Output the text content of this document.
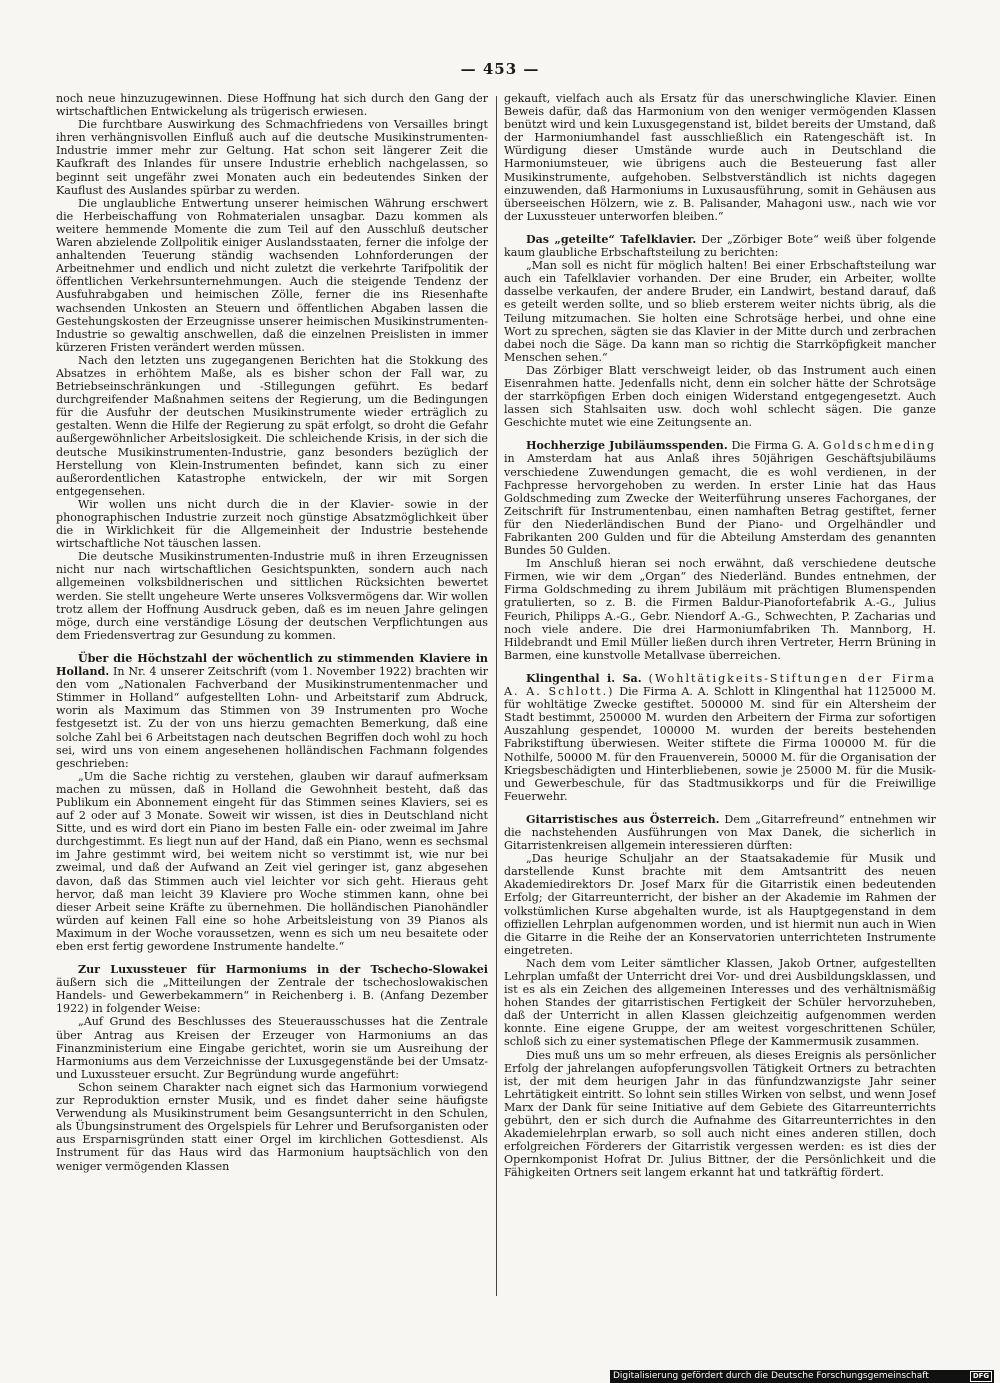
— 453 —

noch neue hinzuzugewinnen. Diese Hoffnung hat sich durch den Gang der wirtschaftlichen Entwickelung als trügerisch erwiesen.

Die furchtbare Auswirkung des Schmachfriedens von Versailles bringt ihren verhängnisvollen Einfluß auch auf die deutsche Musikinstrumenten-Industrie immer mehr zur Geltung. Hat schon seit längerer Zeit die Kaufkraft des Inlandes für unsere Industrie erheblich nachgelassen, so beginnt seit ungefähr zwei Monaten auch ein bedeutendes Sinken der Kauflust des Auslandes spürbar zu werden.

Die unglaubliche Entwertung unserer heimischen Währung erschwert die Herbeischaffung von Rohmaterialen unsagbar. Dazu kommen als weitere hemmende Momente die zum Teil auf den Ausschluß deutscher Waren abzielende Zollpolitik einiger Auslandsstaaten, ferner die infolge der anhaltenden Teuerung ständig wachsenden Lohnforderungen der Arbeitnehmer und endlich und nicht zuletzt die verkehrte Tarifpolitik der öffentlichen Verkehrsunternehmungen. Auch die steigende Tendenz der Ausfuhrabgaben und heimischen Zölle, ferner die ins Riesenhafte wachsenden Unkosten an Steuern und öffentlichen Abgaben lassen die Gestehungskosten der Erzeugnisse unserer heimischen Musikinstrumenten-Industrie so gewaltig anschwellen, daß die einzelnen Preislisten in immer kürzeren Fristen verändert werden müssen.

Nach den letzten uns zugegangenen Berichten hat die Stokkung des Absatzes in erhöhtem Maße, als es bisher schon der Fall war, zu Betriebseinschränkungen und -Stillegungen geführt. Es bedarf durchgreifender Maßnahmen seitens der Regierung, um die Bedingungen für die Ausfuhr der deutschen Musikinstrumente wieder erträglich zu gestalten. Wenn die Hilfe der Regierung zu spät erfolgt, so droht die Gefahr außergewöhnlicher Arbeitslosigkeit. Die schleichende Krisis, in der sich die deutsche Musikinstrumenten-Industrie, ganz besonders bezüglich der Herstellung von Klein-Instrumenten befindet, kann sich zu einer außerordentlichen Katastrophe entwickeln, der wir mit Sorgen entgegensehen.

Wir wollen uns nicht durch die in der Klavier- sowie in der phonographischen Industrie zurzeit noch günstige Absatzmöglichkeit über die in Wirklichkeit für die Allgemeinheit der Industrie bestehende wirtschaftliche Not täuschen lassen.

Die deutsche Musikinstrumenten-Industrie muß in ihren Erzeugnissen nicht nur nach wirtschaftlichen Gesichtspunkten, sondern auch nach allgemeinen volksbildnerischen und sittlichen Rücksichten bewertet werden. Sie stellt ungeheure Werte unseres Volksvermögens dar. Wir wollen trotz allem der Hoffnung Ausdruck geben, daß es im neuen Jahre gelingen möge, durch eine verständige Lösung der deutschen Verpflichtungen aus dem Friedensvertrag zur Gesundung zu kommen.

Über die Höchstzahl der wöchentlich zu stimmenden Klaviere in Holland. In Nr. 4 unserer Zeitschrift (vom 1. November 1922) brachten wir den vom „Nationalen Fachverband der Musikinstrumentenmacher und Stimmer in Holland“ aufgestellten Lohn- und Arbeitstarif zum Abdruck, worin als Maximum das Stimmen von 39 Instrumenten pro Woche festgesetzt ist. Zu der von uns hierzu gemachten Bemerkung, daß eine solche Zahl bei 6 Arbeitstagen nach deutschen Begriffen doch wohl zu hoch sei, wird uns von einem angesehenen holländischen Fachmann folgendes geschrieben:

„Um die Sache richtig zu verstehen, glauben wir darauf aufmerksam machen zu müssen, daß in Holland die Gewohnheit besteht, daß das Publikum ein Abonnement eingeht für das Stimmen seines Klaviers, sei es auf 2 oder auf 3 Monate. Soweit wir wissen, ist dies in Deutschland nicht Sitte, und es wird dort ein Piano im besten Falle ein- oder zweimal im Jahre durchgestimmt. Es liegt nun auf der Hand, daß ein Piano, wenn es sechsmal im Jahre gestimmt wird, bei weitem nicht so verstimmt ist, wie nur bei zweimal, und daß der Aufwand an Zeit viel geringer ist, ganz abgesehen davon, daß das Stimmen auch viel leichter vor sich geht. Hieraus geht hervor, daß man leicht 39 Klaviere pro Woche stimmen kann, ohne bei dieser Arbeit seine Kräfte zu übernehmen. Die holländischen Pianohändler würden auf keinen Fall eine so hohe Arbeitsleistung von 39 Pianos als Maximum in der Woche voraussetzen, wenn es sich um neu besaitete oder eben erst fertig gewordene Instrumente handelte.“

Zur Luxussteuer für Harmoniums in der Tschecho-Slowakei äußern sich die „Mitteilungen der Zentrale der tschechoslowakischen Handels- und Gewerbekammern“ in Reichenberg i. B. (Anfang Dezember 1922) in folgender Weise:

„Auf Grund des Beschlusses des Steuerausschusses hat die Zentrale über Antrag aus Kreisen der Erzeuger von Harmoniums an das Finanzministerium eine Eingabe gerichtet, worin sie um Ausreihung der Harmoniums aus dem Verzeichnisse der Luxusgegenstände bei der Umsatz- und Luxussteuer ersucht. Zur Begründung wurde angeführt:

Schon seinem Charakter nach eignet sich das Harmonium vorwiegend zur Reproduktion ernster Musik, und es findet daher seine häufigste Verwendung als Musikinstrument beim Gesangsunterricht in den Schulen, als Übungsinstrument des Orgelspiels für Lehrer und Berufsorganisten oder aus Ersparnisgründen statt einer Orgel im kirchlichen Gottesdienst. Als Instrument für das Haus wird das Harmonium hauptsächlich von den weniger vermögenden Klassen

gekauft, vielfach auch als Ersatz für das unerschwingliche Klavier. Einen Beweis dafür, daß das Harmonium von den weniger vermögenden Klassen benützt wird und kein Luxusgegenstand ist, bildet bereits der Umstand, daß der Harmoniumhandel fast ausschließlich ein Ratengeschäft ist. In Würdigung dieser Umstände wurde auch in Deutschland die Harmoniumsteuer, wie übrigens auch die Besteuerung fast aller Musikinstrumente, aufgehoben. Selbstverständlich ist nichts dagegen einzuwenden, daß Harmoniums in Luxusausführung, somit in Gehäusen aus überseeischen Hölzern, wie z. B. Palisander, Mahagoni usw., nach wie vor der Luxussteuer unterworfen bleiben.“

Das „geteilte“ Tafelklavier. Der „Zörbiger Bote“ weiß über folgende kaum glaubliche Erbschaftsteilung zu berichten:

„Man soll es nicht für möglich halten! Bei einer Erbschaftsteilung war auch ein Tafelklavier vorhanden. Der eine Bruder, ein Arbeiter, wollte dasselbe verkaufen, der andere Bruder, ein Landwirt, bestand darauf, daß es geteilt werden sollte, und so blieb ersterem weiter nichts übrig, als die Teilung mitzumachen. Sie holten eine Schrotsäge herbei, und ohne eine Wort zu sprechen, sägten sie das Klavier in der Mitte durch und zerbrachen dabei noch die Säge. Da kann man so richtig die Starrköpfigkeit mancher Menschen sehen.“

Das Zörbiger Blatt verschweigt leider, ob das Instrument auch einen Eisenrahmen hatte. Jedenfalls nicht, denn ein solcher hätte der Schrotsäge der starrköpfigen Erben doch einigen Widerstand entgegengesetzt. Auch lassen sich Stahlsaiten usw. doch wohl schlecht sägen. Die ganze Geschichte mutet wie eine Zeitungsente an.

Hochherzige Jubiläumsspenden. Die Firma G. A. Goldschmeding in Amsterdam hat aus Anlaß ihres 50jährigen Geschäftsjubiläums verschiedene Zuwendungen gemacht, die es wohl verdienen, in der Fachpresse hervorgehoben zu werden. In erster Linie hat das Haus Goldschmeding zum Zwecke der Weiterführung unseres Fachorganes, der Zeitschrift für Instrumentenbau, einen namhaften Betrag gestiftet, ferner für den Niederländischen Bund der Piano- und Orgelhändler und Fabrikanten 200 Gulden und für die Abteilung Amsterdam des genannten Bundes 50 Gulden.

Im Anschluß hieran sei noch erwähnt, daß verschiedene deutsche Firmen, wie wir dem „Organ“ des Niederländ. Bundes entnehmen, der Firma Goldschmeding zu ihrem Jubiläum mit prächtigen Blumenspenden gratulierten, so z. B. die Firmen Baldur-Pianofortefabrik A.-G., Julius Feurich, Philipps A.-G., Gebr. Niendorf A.-G., Schwechten, P. Zacharias und noch viele andere. Die drei Harmoniumfabriken Th. Mannborg, H. Hildebrandt und Emil Müller ließen durch ihren Vertreter, Herrn Brüning in Barmen, eine kunstvolle Metallvase überreichen.

Klingenthal i. Sa. (Wohltätigkeits-Stiftungen der Firma A. A. Schlott.) Die Firma A. A. Schlott in Klingenthal hat 1125000 M. für wohltätige Zwecke gestiftet. 500000 M. sind für ein Altersheim der Stadt bestimmt, 250000 M. wurden den Arbeitern der Firma zur sofortigen Auszahlung gespendet, 100000 M. wurden der bereits bestehenden Fabrikstiftung überwiesen. Weiter stiftete die Firma 100000 M. für die Nothilfe, 50000 M. für den Frauenverein, 50000 M. für die Organisation der Kriegsbeschädigten und Hinterbliebenen, sowie je 25000 M. für die Musik- und Gewerbeschule, für das Stadtmusikkorps und für die Freiwillige Feuerwehr.

Gitarristisches aus Österreich. Dem „Gitarrefreund“ entnehmen wir die nachstehenden Ausführungen von Max Danek, die sicherlich in Gitarristenkreisen allgemein interessieren dürften:

„Das heurige Schuljahr an der Staatsakademie für Musik und darstellende Kunst brachte mit dem Amtsantritt des neuen Akademiedirektors Dr. Josef Marx für die Gitarristik einen bedeutenden Erfolg; der Gitarreunterricht, der bisher an der Akademie im Rahmen der volkstümlichen Kurse abgehalten wurde, ist als Hauptgegenstand in dem offiziellen Lehrplan aufgenommen worden, und ist hiermit nun auch in Wien die Gitarre in die Reihe der an Konservatorien unterrichteten Instrumente eingetreten.

Nach dem vom Leiter sämtlicher Klassen, Jakob Ortner, aufgestellten Lehrplan umfaßt der Unterricht drei Vor- und drei Ausbildungsklassen, und ist es als ein Zeichen des allgemeinen Interesses und des verhältnismäßig hohen Standes der gitarristischen Fertigkeit der Schüler hervorzuheben, daß der Unterricht in allen Klassen gleichzeitig aufgenommen werden konnte. Eine eigene Gruppe, der am weitest vorgeschrittenen Schüler, schloß sich zu einer systematischen Pflege der Kammermusik zusammen.

Dies muß uns um so mehr erfreuen, als dieses Ereignis als persönlicher Erfolg der jahrelangen aufopferungsvollen Tätigkeit Ortners zu betrachten ist, der mit dem heurigen Jahr in das fünfundzwanzigste Jahr seiner Lehrtätigkeit eintritt. So lohnt sein stilles Wirken von selbst, und wenn Josef Marx der Dank für seine Initiative auf dem Gebiete des Gitarreunterrichts gebührt, den er sich durch die Aufnahme des Gitarreunterrichtes in den Akademielehrplan erwarb, so soll auch nicht eines anderen stillen, doch erfolgreichen Förderers der Gitarristik vergessen werden: es ist dies der Opernkomponist Hofrat Dr. Julius Bittner, der die Persönlichkeit und die Fähigkeiten Ortners seit langem erkannt hat und tatkräftig fördert.

Digitalisierung gefördert durch die Deutsche Forschungsgemeinschaft	DFG
